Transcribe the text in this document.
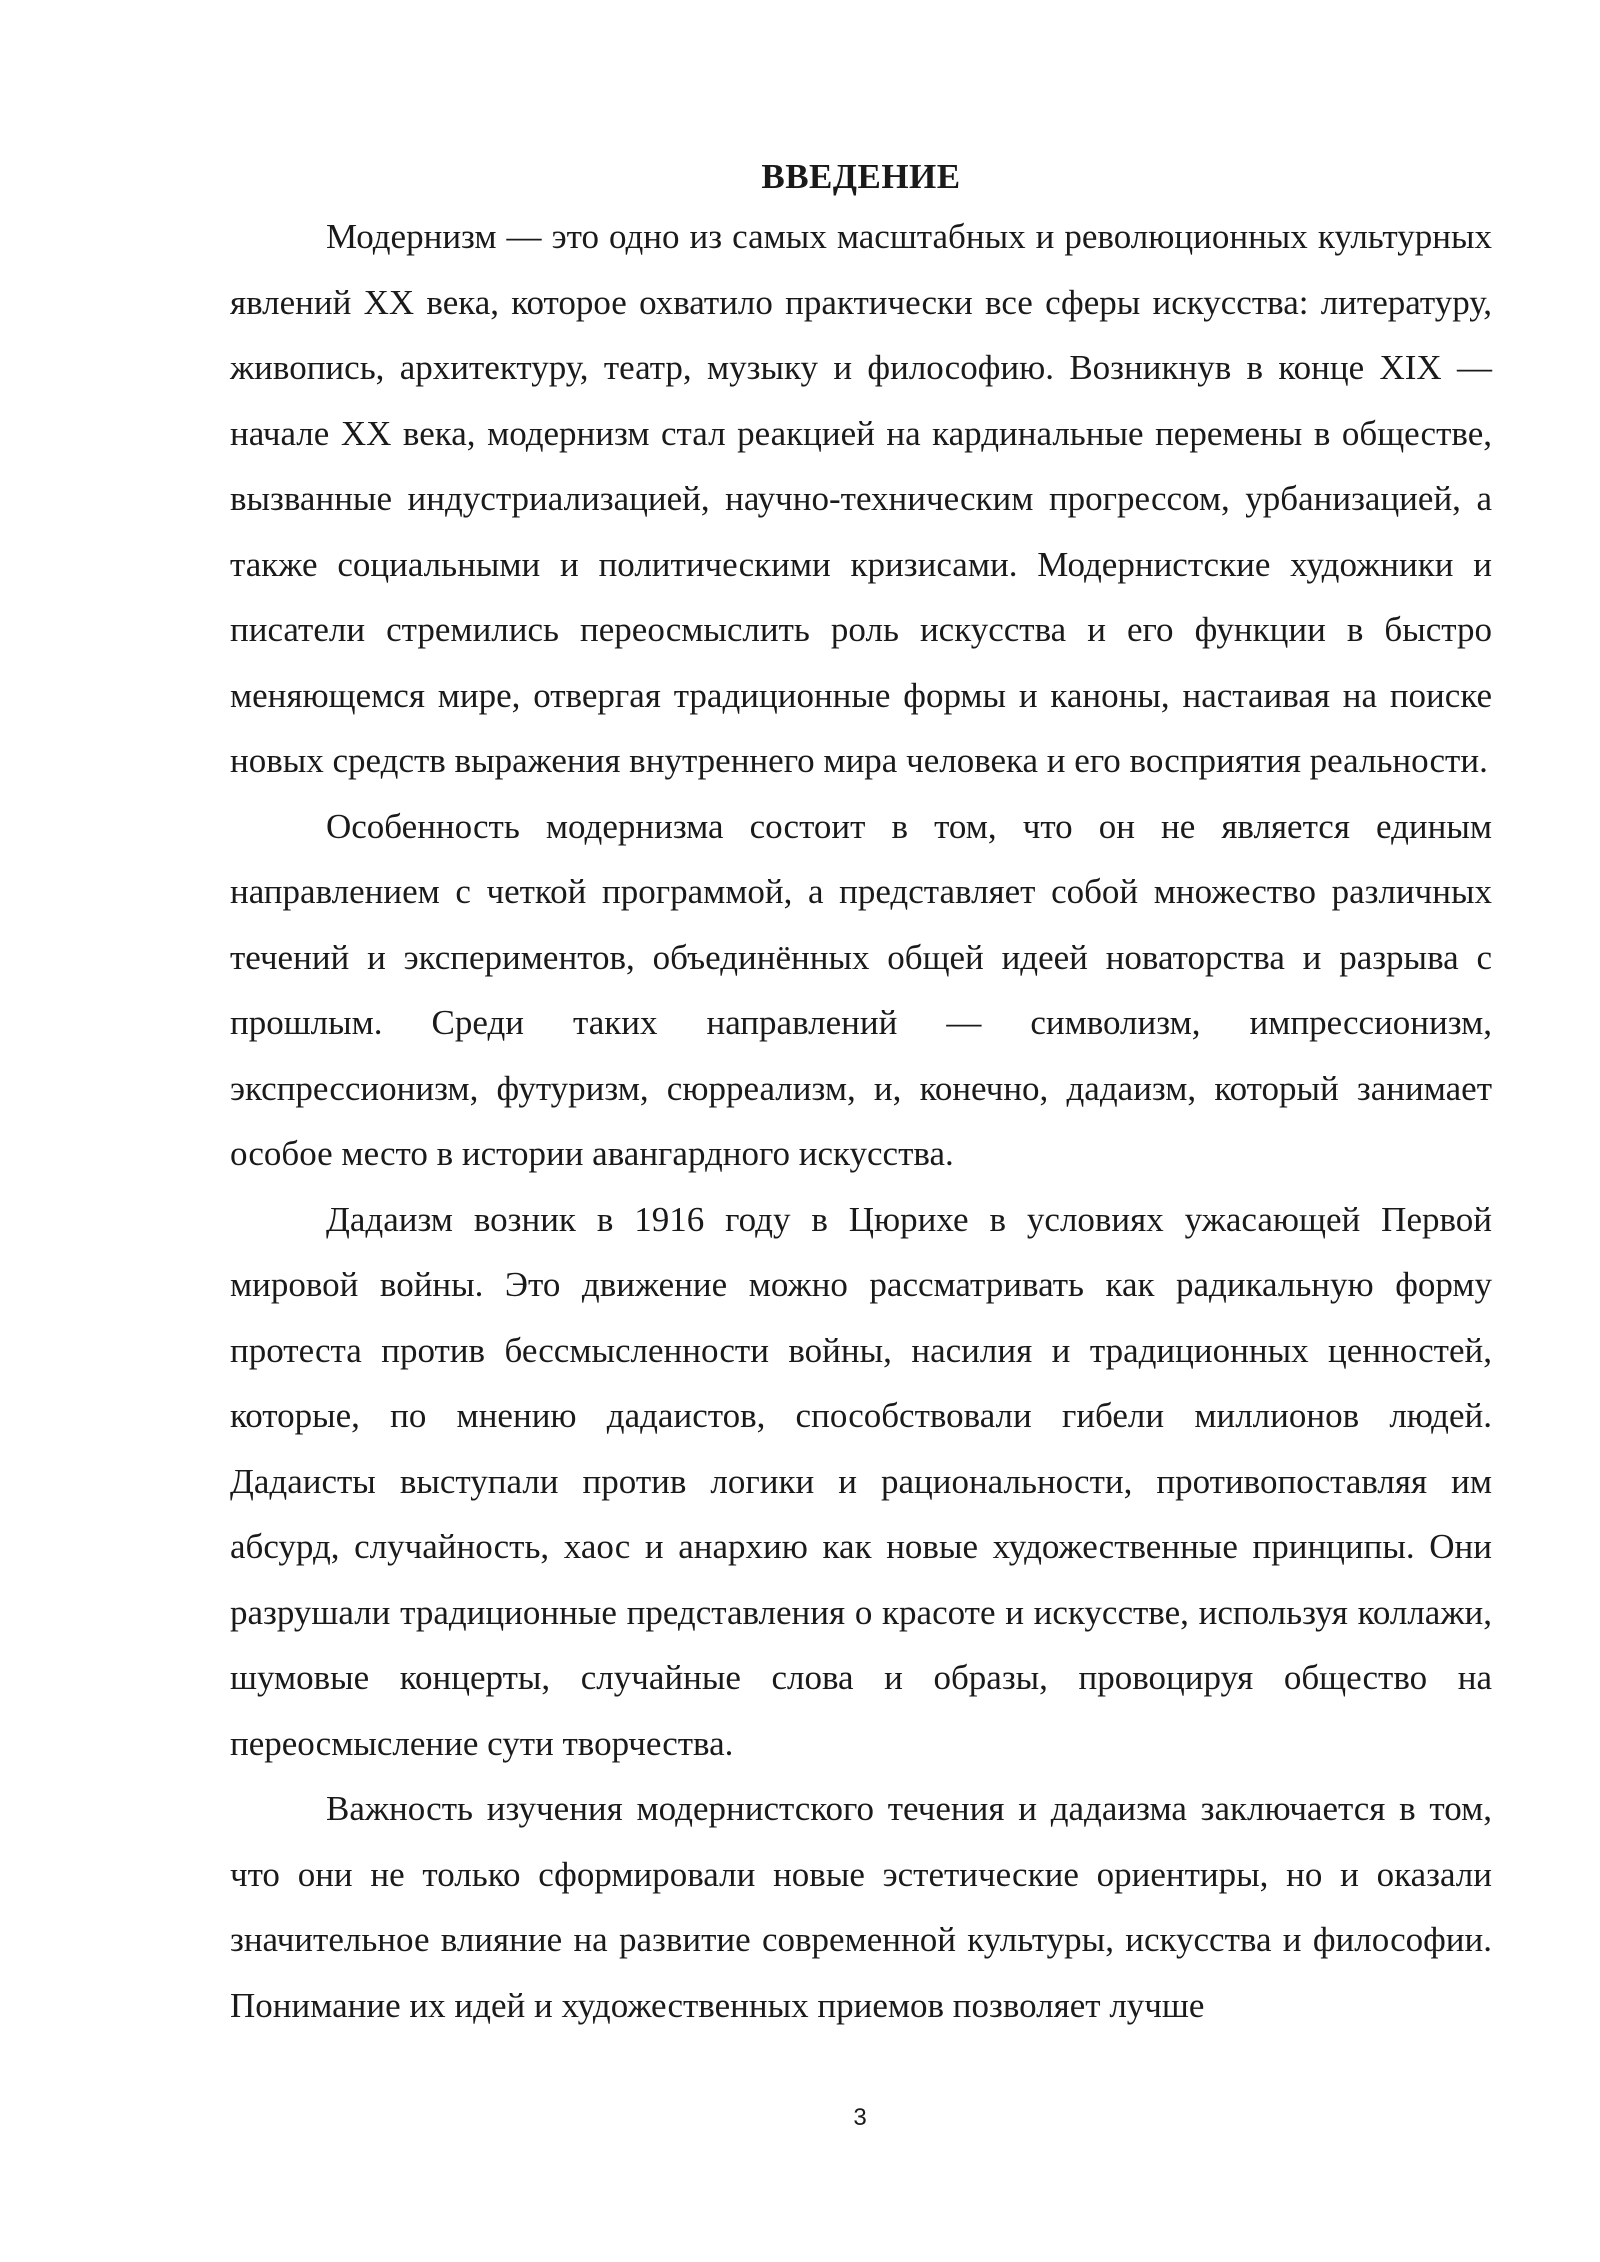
ВВЕДЕНИЕ

Модернизм — это одно из самых масштабных и революционных культурных явлений XX века, которое охватило практически все сферы искусства: литературу, живопись, архитектуру, театр, музыку и философию. Возникнув в конце XIX — начале XX века, модернизм стал реакцией на кардинальные перемены в обществе, вызванные индустриализацией, научно-техническим прогрессом, урбанизацией, а также социальными и политическими кризисами. Модернистские художники и писатели стремились переосмыслить роль искусства и его функции в быстро меняющемся мире, отвергая традиционные формы и каноны, настаивая на поиске новых средств выражения внутреннего мира человека и его восприятия реальности.

Особенность модернизма состоит в том, что он не является единым направлением с четкой программой, а представляет собой множество различных течений и экспериментов, объединённых общей идеей новаторства и разрыва с прошлым. Среди таких направлений — символизм, импрессионизм, экспрессионизм, футуризм, сюрреализм, и, конечно, дадаизм, который занимает особое место в истории авангардного искусства.

Дадаизм возник в 1916 году в Цюрихе в условиях ужасающей Первой мировой войны. Это движение можно рассматривать как радикальную форму протеста против бессмысленности войны, насилия и традиционных ценностей, которые, по мнению дадаистов, способствовали гибели миллионов людей. Дадаисты выступали против логики и рациональности, противопоставляя им абсурд, случайность, хаос и анархию как новые художественные принципы. Они разрушали традиционные представления о красоте и искусстве, используя коллажи, шумовые концерты, случайные слова и образы, провоцируя общество на переосмысление сути творчества.

Важность изучения модернистского течения и дадаизма заключается в том, что они не только сформировали новые эстетические ориентиры, но и оказали значительное влияние на развитие современной культуры, искусства и философии. Понимание их идей и художественных приемов позволяет лучше

3
